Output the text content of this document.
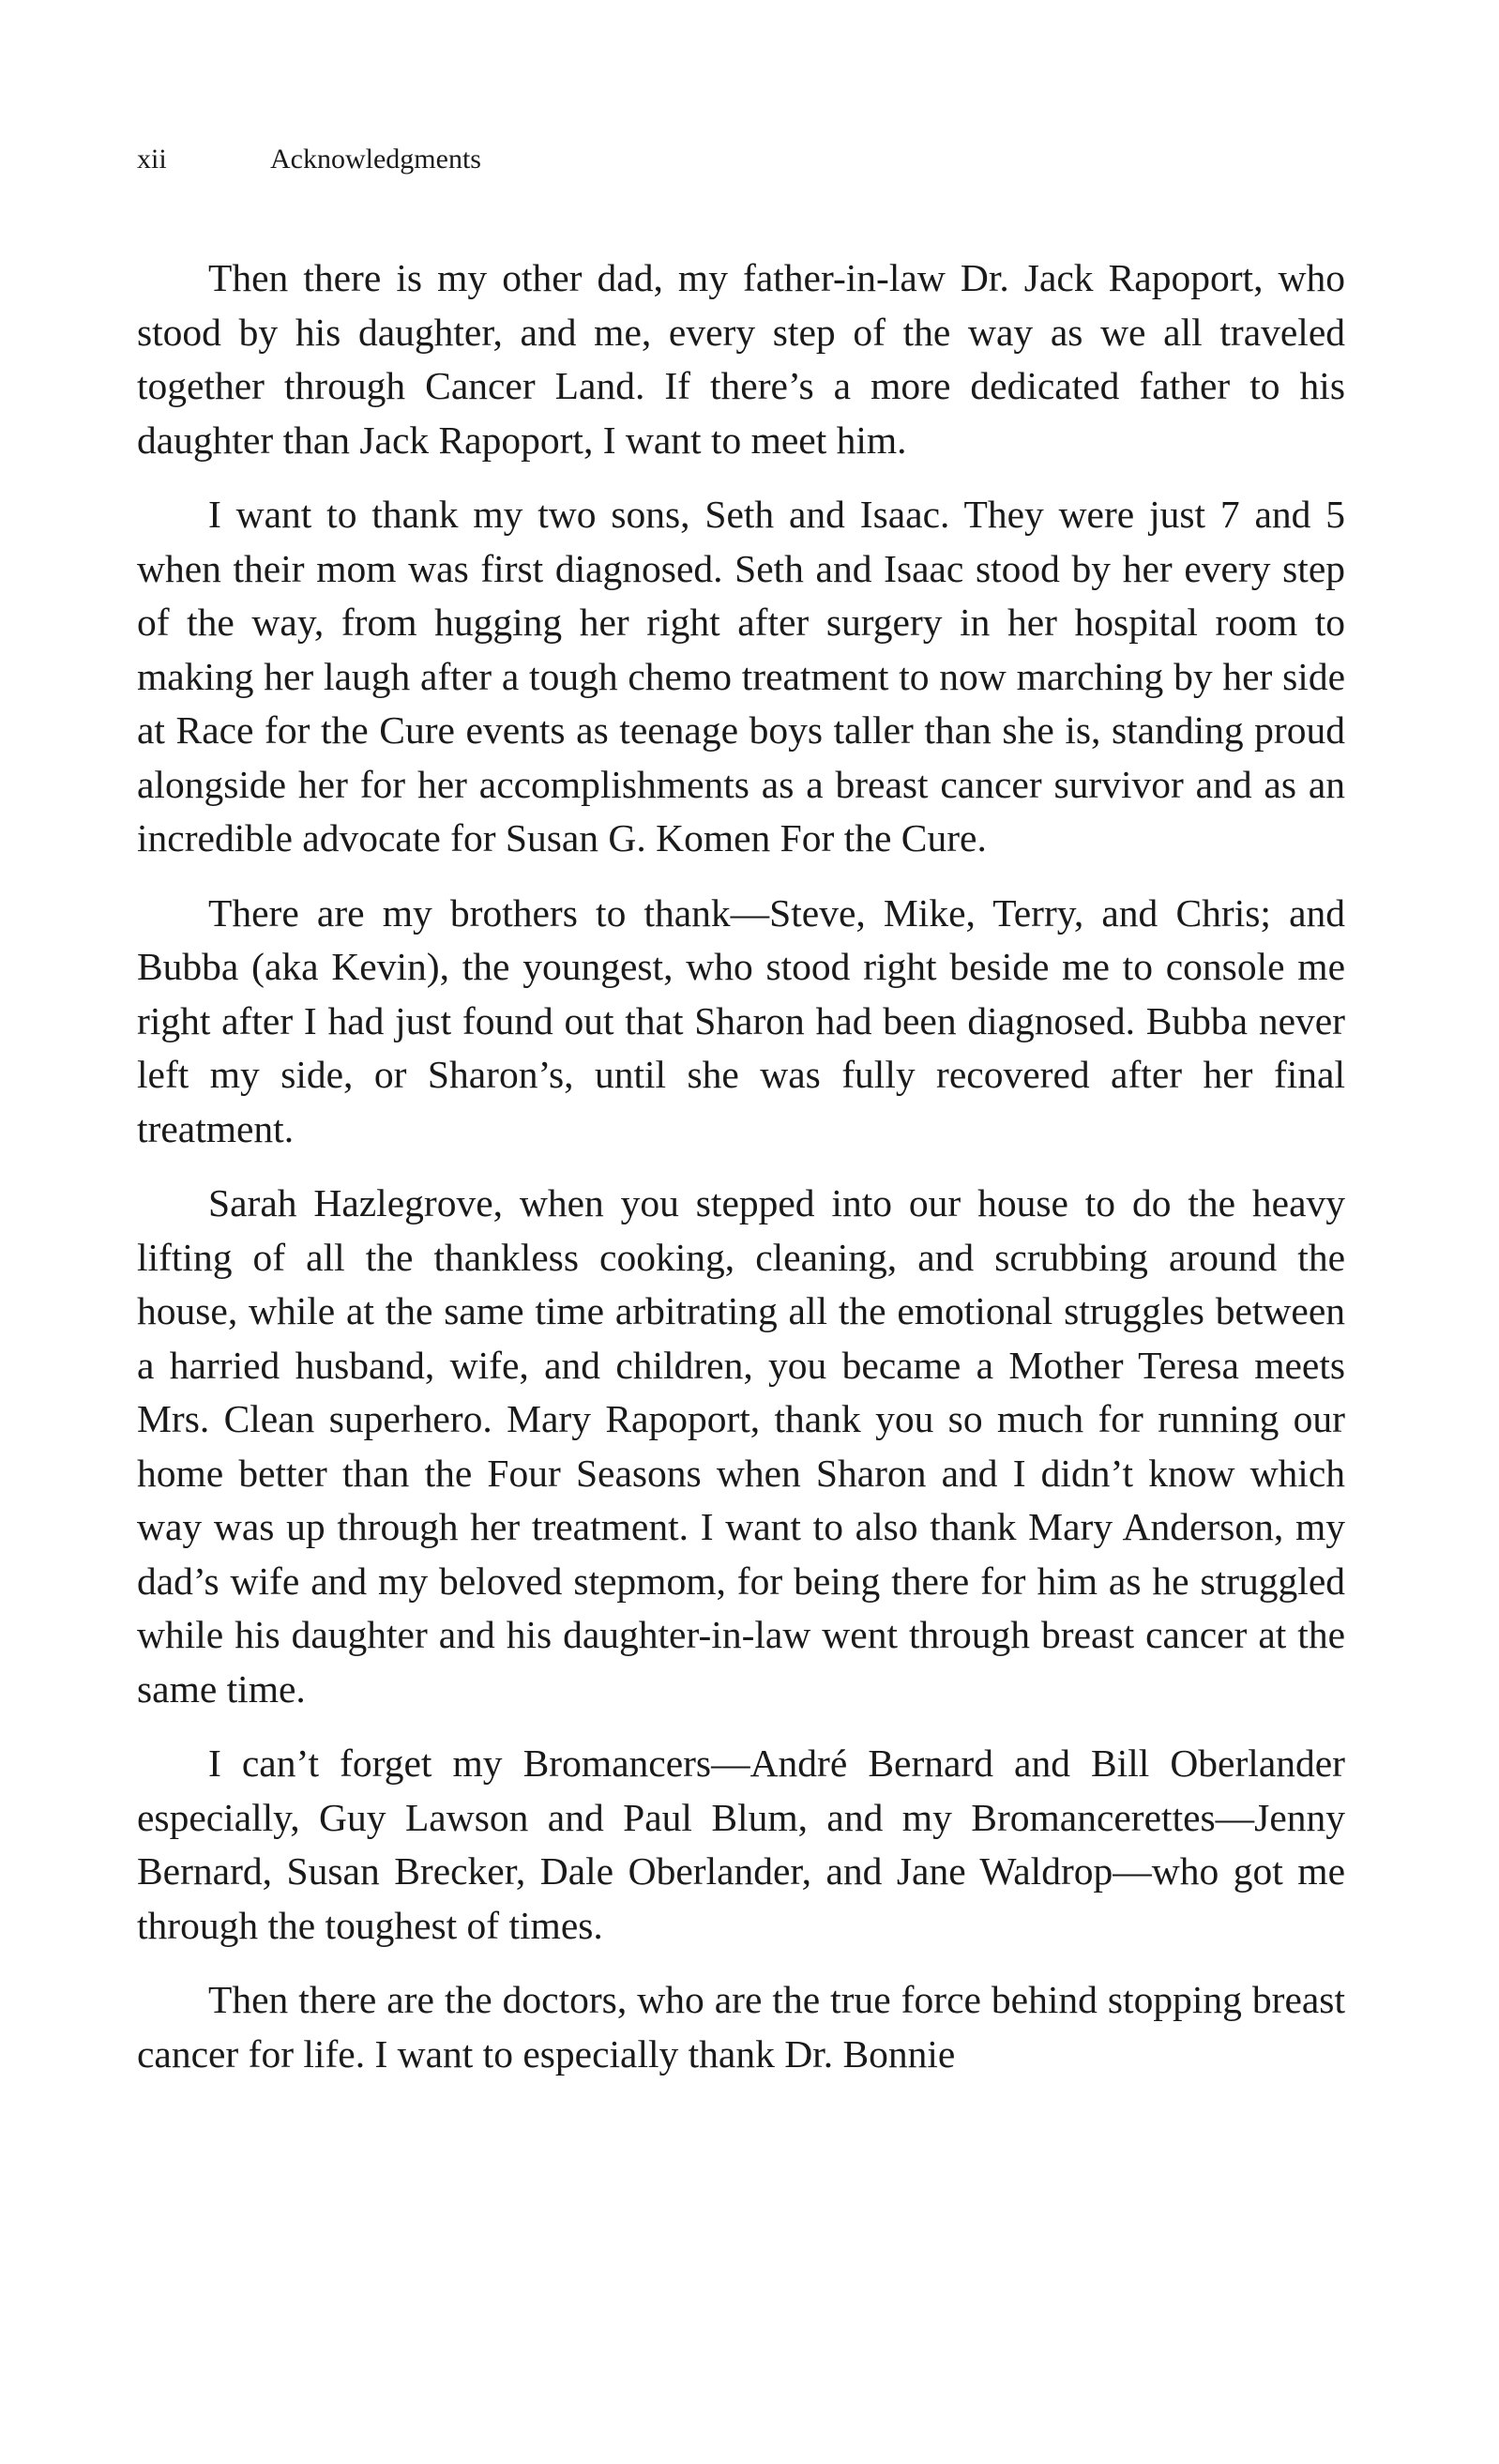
xii	Acknowledgments

Then there is my other dad, my father-in-law Dr. Jack Rapoport, who stood by his daughter, and me, every step of the way as we all traveled together through Cancer Land. If there’s a more dedicated father to his daughter than Jack Rapoport, I want to meet him.

I want to thank my two sons, Seth and Isaac. They were just 7 and 5 when their mom was first diagnosed. Seth and Isaac stood by her every step of the way, from hugging her right after surgery in her hospital room to making her laugh after a tough chemo treatment to now marching by her side at Race for the Cure events as teenage boys taller than she is, standing proud alongside her for her accomplishments as a breast cancer survivor and as an incredible advocate for Susan G. Komen For the Cure.

There are my brothers to thank—Steve, Mike, Terry, and Chris; and Bubba (aka Kevin), the youngest, who stood right beside me to console me right after I had just found out that Sharon had been diagnosed. Bubba never left my side, or Sharon’s, until she was fully recovered after her final treatment.

Sarah Hazlegrove, when you stepped into our house to do the heavy lifting of all the thankless cooking, cleaning, and scrubbing around the house, while at the same time arbitrating all the emotional struggles between a harried husband, wife, and children, you became a Mother Teresa meets Mrs. Clean superhero. Mary Rapoport, thank you so much for running our home better than the Four Seasons when Sharon and I didn’t know which way was up through her treatment. I want to also thank Mary Anderson, my dad’s wife and my beloved stepmom, for being there for him as he struggled while his daughter and his daughter-in-law went through breast cancer at the same time.

I can’t forget my Bromancers—André Bernard and Bill Oberlander especially, Guy Lawson and Paul Blum, and my Bromancerettes—Jenny Bernard, Susan Brecker, Dale Oberlander, and Jane Waldrop—who got me through the toughest of times.

Then there are the doctors, who are the true force behind stopping breast cancer for life. I want to especially thank Dr. Bonnie
